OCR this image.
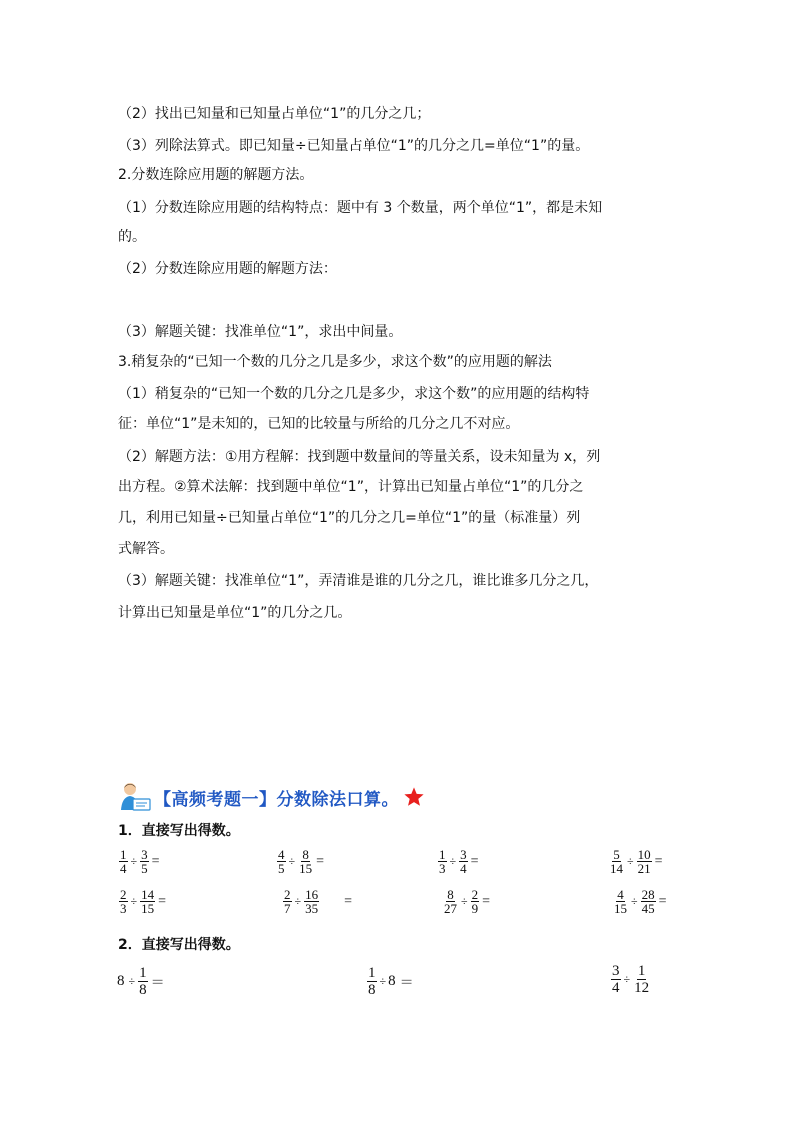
（2）找出已知量和已知量占单位“1”的几分之几；
（3）列除法算式。即已知量÷已知量占单位“1”的几分之几=单位“1”的量。
2.分数连除应用题的解题方法。
（1）分数连除应用题的结构特点：题中有 3 个数量，两个单位“1”，都是未知
的。
（2）分数连除应用题的解题方法：
（3）解题关键：找准单位“1”，求出中间量。
3.稍复杂的“已知一个数的几分之几是多少，求这个数”的应用题的解法
（1）稍复杂的“已知一个数的几分之几是多少，求这个数”的应用题的结构特
征：单位“1”是未知的，已知的比较量与所给的几分之几不对应。
（2）解题方法：①用方程解：找到题中数量间的等量关系，设未知量为 x，列
出方程。②算术法解：找到题中单位“1”，计算出已知量占单位“1”的几分之
几，利用已知量÷已知量占单位“1”的几分之几=单位“1”的量（标准量）列
式解答。
（3）解题关键：找准单位“1”，弄清谁是谁的几分之几，谁比谁多几分之几，
计算出已知量是单位“1”的几分之几。
【高频考题一】分数除法口算。
1．直接写出得数。
$\frac{1}{4} \div \frac{3}{5}$ =	$\frac{4}{5} \div \frac{8}{15}$ =	$\frac{1}{3} \div \frac{3}{4}$ =	$\frac{5}{14} \div \frac{10}{21}$ =
$\frac{2}{3} \div \frac{14}{15}$ =	$\frac{2}{7} \div \frac{16}{35}$ =	$\frac{8}{27} \div \frac{2}{9}$ =	$\frac{4}{15} \div \frac{28}{45}$ =
2．直接写出得数。
$8 \div \frac{1}{8}$ ＝	$\frac{1}{8} \div 8$ ＝	$\frac{3}{4} \div \frac{1}{12}$
